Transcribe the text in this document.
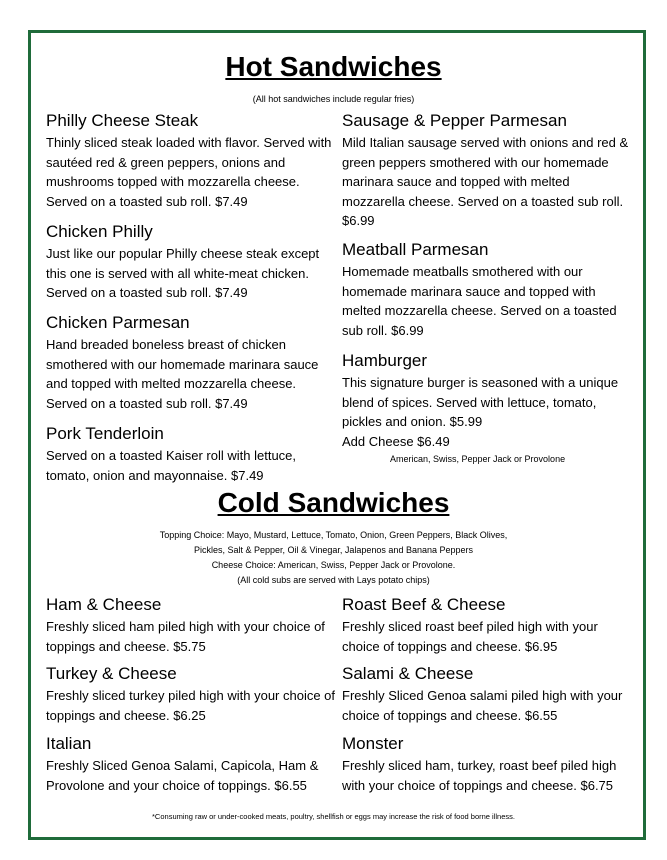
Hot Sandwiches
(All hot sandwiches include regular fries)
Philly Cheese Steak

Thinly sliced steak loaded with flavor. Served with sautéed red & green peppers, onions and mushrooms topped with mozzarella cheese. Served on a toasted sub roll. $7.49

Chicken Philly

Just like our popular Philly cheese steak except this one is served with all white-meat chicken. Served on a toasted sub roll. $7.49

Chicken Parmesan

Hand breaded boneless breast of chicken smothered with our homemade marinara sauce and topped with melted mozzarella cheese. Served on a toasted sub roll. $7.49

Pork Tenderloin

Served on a toasted Kaiser roll with lettuce, tomato, onion and mayonnaise. $7.49

Sausage & Pepper Parmesan

Mild Italian sausage served with onions and red & green peppers smothered with our homemade marinara sauce and topped with melted mozzarella cheese. Served on a toasted sub roll. $6.99

Meatball Parmesan

Homemade meatballs smothered with our homemade marinara sauce and topped with melted mozzarella cheese. Served on a toasted sub roll. $6.99

Hamburger

This signature burger is seasoned with a unique blend of spices. Served with lettuce, tomato, pickles and onion. $5.99

Add Cheese $6.49

American, Swiss, Pepper Jack or Provolone
Cold Sandwiches
Topping Choice: Mayo, Mustard, Lettuce, Tomato, Onion, Green Peppers, Black Olives,
Pickles, Salt & Pepper, Oil & Vinegar, Jalapenos and Banana Peppers
Cheese Choice: American, Swiss, Pepper Jack or Provolone.
(All cold subs are served with Lays potato chips)
Ham & Cheese

Freshly sliced ham piled high with your choice of toppings and cheese. $5.75

Turkey & Cheese

Freshly sliced turkey piled high with your choice of toppings and cheese. $6.25

Italian

Freshly Sliced Genoa Salami, Capicola, Ham & Provolone and your choice of toppings. $6.55

Roast Beef & Cheese

Freshly sliced roast beef piled high with your choice of toppings and cheese. $6.95

Salami & Cheese

Freshly Sliced Genoa salami piled high with your choice of toppings and cheese. $6.55

Monster

Freshly sliced ham, turkey, roast beef piled high with your choice of toppings and cheese. $6.75

*Consuming raw or under-cooked meats, poultry, shellfish or eggs may increase the risk of food borne illness.
